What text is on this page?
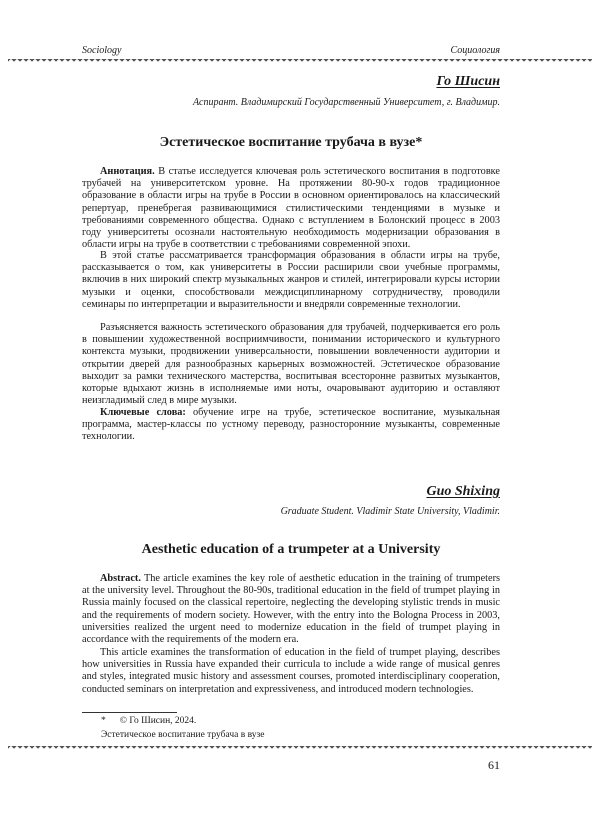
Sociology	Социология
Го Шисин
Аспирант. Владимирский Государственный Университет, г. Владимир.
Эстетическое воспитание трубача в вузе*

Аннотация. В статье исследуется ключевая роль эстетического воспитания в подготовке трубачей на университетском уровне. На протяжении 80-90-х годов традиционное образование в области игры на трубе в России в основном ориентировалось на классический репертуар, пренебрегая развивающимися стилистическими тенденциями в музыке и требованиями современного общества. Однако с вступлением в Болонский процесс в 2003 году университеты осознали настоятельную необходимость модернизации образования в области игры на трубе в соответствии с требованиями современной эпохи.

В этой статье рассматривается трансформация образования в области игры на трубе, рассказывается о том, как университеты в России расширили свои учебные программы, включив в них широкий спектр музыкальных жанров и стилей, интегрировали курсы истории музыки и оценки, способствовали междисциплинарному сотрудничеству, проводили семинары по интерпретации и выразительности и внедряли современные технологии.

Разъясняется важность эстетического образования для трубачей, подчеркивается его роль в повышении художественной восприимчивости, понимании исторического и культурного контекста музыки, продвижении универсальности, повышении вовлеченности аудитории и открытии дверей для разнообразных карьерных возможностей. Эстетическое образование выходит за рамки технического мастерства, воспитывая всесторонне развитых музыкантов, которые вдыхают жизнь в исполняемые ими ноты, очаровывают аудиторию и оставляют неизгладимый след в мире музыки.

Ключевые слова: обучение игре на трубе, эстетическое воспитание, музыкальная программа, мастер-классы по устному переводу, разносторонние музыканты, современные технологии.

Guo Shixing
Graduate Student. Vladimir State University, Vladimir.
Aesthetic education of a trumpeter at a University

Abstract. The article examines the key role of aesthetic education in the training of trumpeters at the university level. Throughout the 80-90s, traditional education in the field of trumpet playing in Russia mainly focused on the classical repertoire, neglecting the developing stylistic trends in music and the requirements of modern society. However, with the entry into the Bologna Process in 2003, universities realized the urgent need to modernize education in the field of trumpet playing in accordance with the requirements of the modern era.

This article examines the transformation of education in the field of trumpet playing, describes how universities in Russia have expanded their curricula to include a wide range of musical genres and styles, integrated music history and assessment courses, promoted interdisciplinary cooperation, conducted seminars on interpretation and expressiveness, and introduced modern technologies.

* © Го Шисин, 2024.
Эстетическое воспитание трубача в вузе
61
